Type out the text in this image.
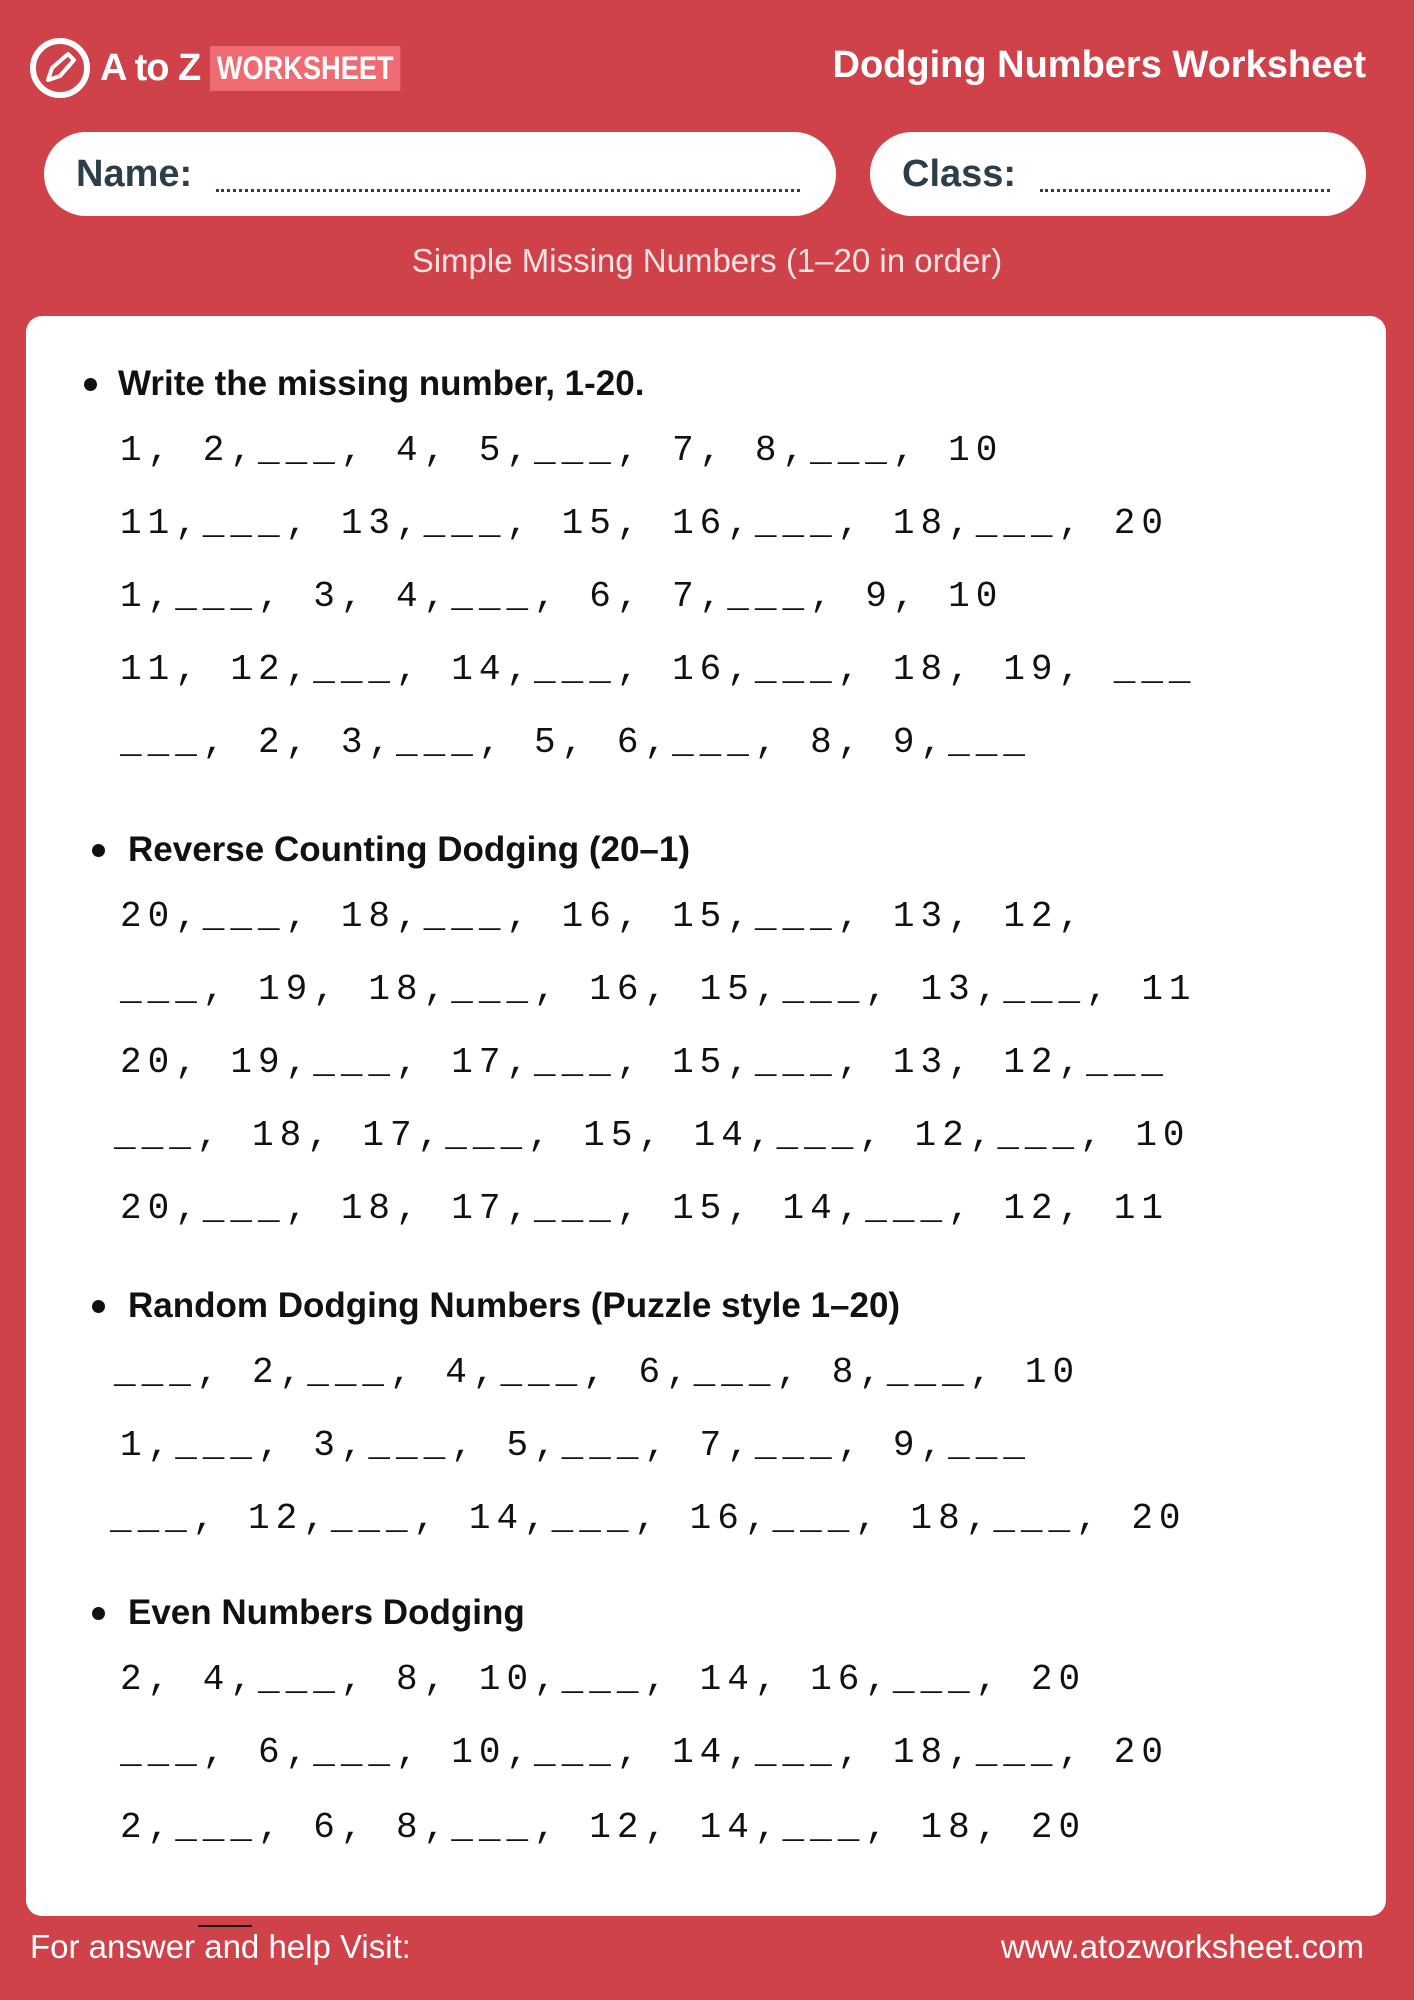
A to Z WORKSHEET	Dodging Numbers Worksheet
Name:	Class:
Simple Missing Numbers (1–20 in order)
Write the missing number, 1-20.
1, 2,___, 4, 5,___, 7, 8,___, 10
11,___, 13,___, 15, 16,___, 18,___, 20
1,___, 3, 4,___, 6, 7,___, 9, 10
11, 12,___, 14,___, 16,___, 18, 19, ___
___, 2, 3,___, 5, 6,___, 8, 9,___
Reverse Counting Dodging (20–1)
20,___, 18,___, 16, 15,___, 13, 12,
___, 19, 18,___, 16, 15,___, 13,___, 11
20, 19,___, 17,___, 15,___, 13, 12,___
___, 18, 17,___, 15, 14,___, 12,___, 10
20,___, 18, 17,___, 15, 14,___, 12, 11
Random Dodging Numbers (Puzzle style 1–20)
___, 2,___, 4,___, 6,___, 8,___, 10
1,___, 3,___, 5,___, 7,___, 9,___
___, 12,___, 14,___, 16,___, 18,___, 20
Even Numbers Dodging
2, 4,___, 8, 10,___, 14, 16,___, 20
___, 6,___, 10,___, 14,___, 18,___, 20
2,___, 6, 8,___, 12, 14,___, 18, 20
For answer and help Visit:	www.atozworksheet.com
